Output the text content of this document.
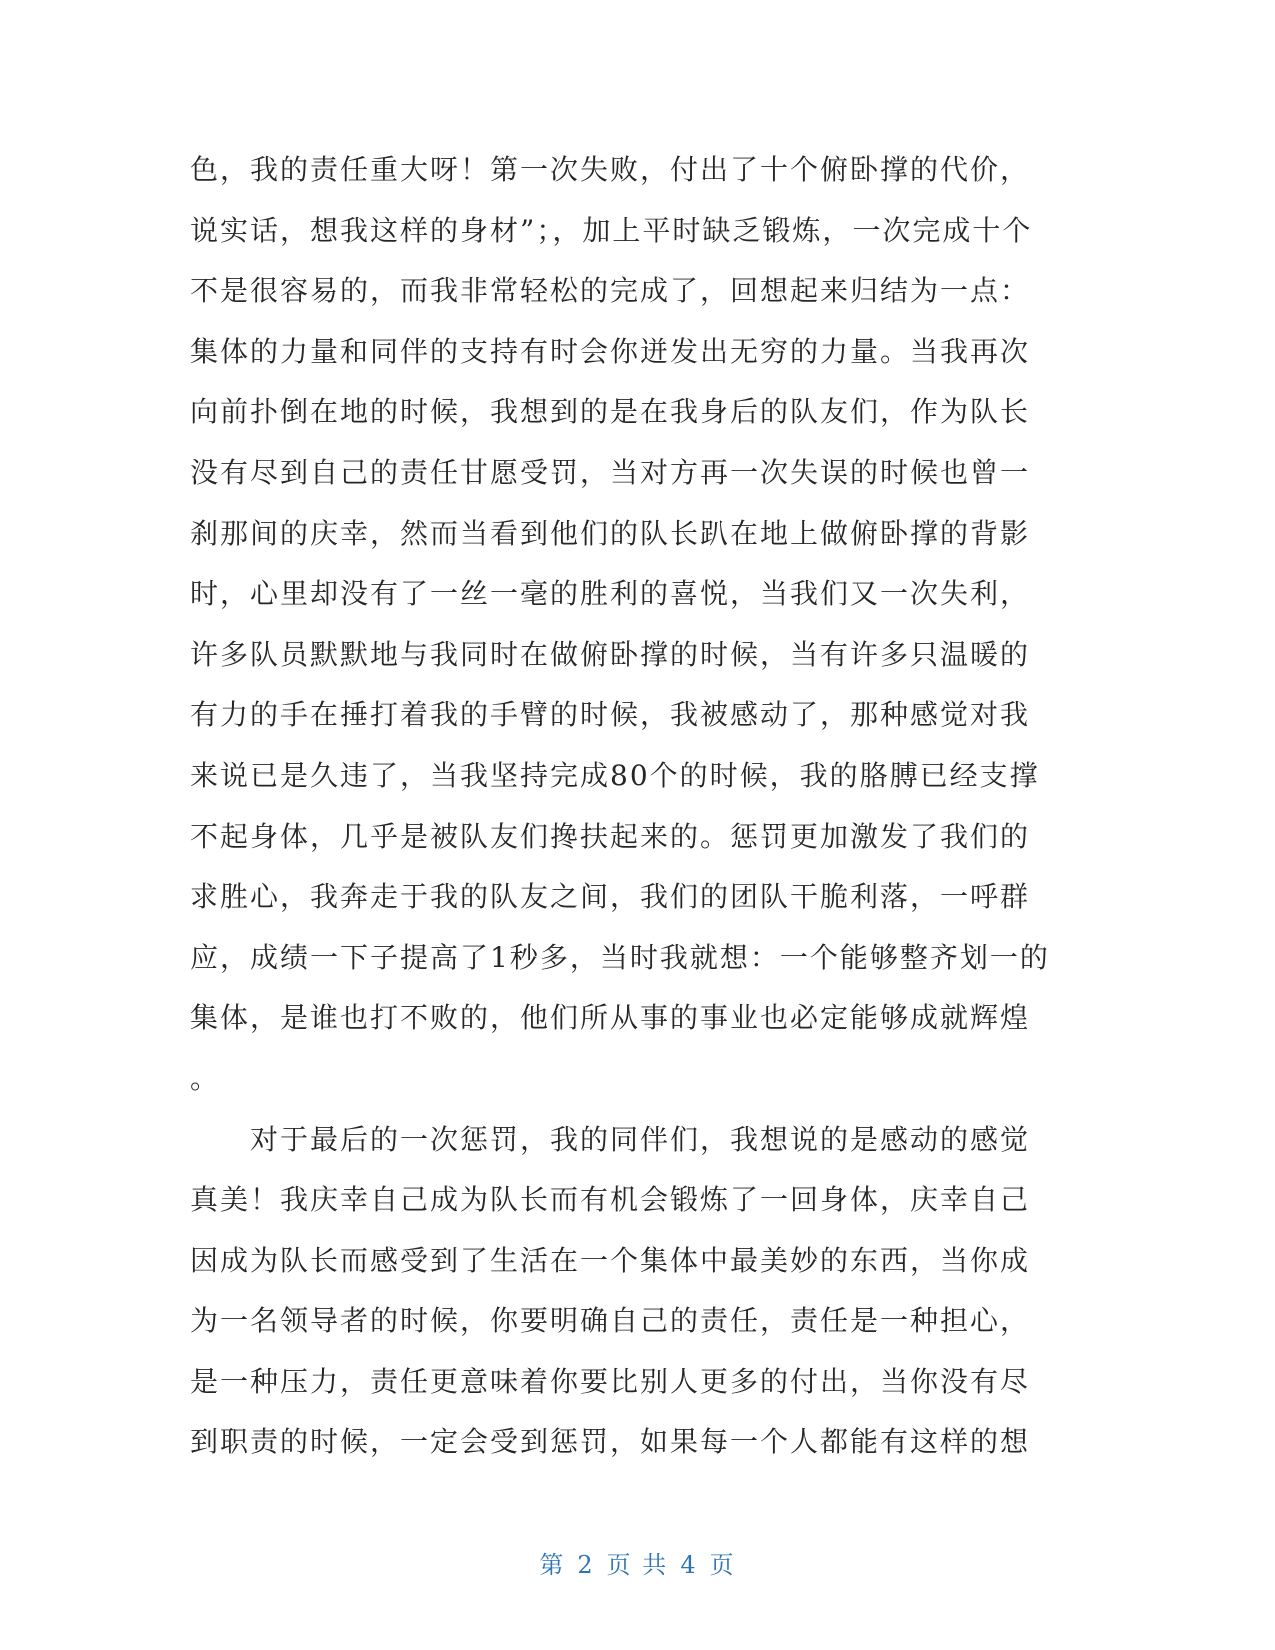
色，我的责任重大呀！第一次失败，付出了十个俯卧撑的代价，
说实话，想我这样的身材”；，加上平时缺乏锻炼，一次完成十个
不是很容易的，而我非常轻松的完成了，回想起来归结为一点：
集体的力量和同伴的支持有时会你迸发出无穷的力量。当我再次
向前扑倒在地的时候，我想到的是在我身后的队友们，作为队长
没有尽到自己的责任甘愿受罚，当对方再一次失误的时候也曾一
刹那间的庆幸，然而当看到他们的队长趴在地上做俯卧撑的背影
时，心里却没有了一丝一毫的胜利的喜悦，当我们又一次失利，
许多队员默默地与我同时在做俯卧撑的时候，当有许多只温暖的
有力的手在捶打着我的手臂的时候，我被感动了，那种感觉对我
来说已是久违了，当我坚持完成80个的时候，我的胳膊已经支撑
不起身体，几乎是被队友们搀扶起来的。惩罚更加激发了我们的
求胜心，我奔走于我的队友之间，我们的团队干脆利落，一呼群
应，成绩一下子提高了1秒多，当时我就想：一个能够整齐划一的
集体，是谁也打不败的，他们所从事的事业也必定能够成就辉煌
。
对于最后的一次惩罚，我的同伴们，我想说的是感动的感觉
真美！我庆幸自己成为队长而有机会锻炼了一回身体，庆幸自己
因成为队长而感受到了生活在一个集体中最美妙的东西，当你成
为一名领导者的时候，你要明确自己的责任，责任是一种担心，
是一种压力，责任更意味着你要比别人更多的付出，当你没有尽
到职责的时候，一定会受到惩罚，如果每一个人都能有这样的想
第 2 页 共 4 页
